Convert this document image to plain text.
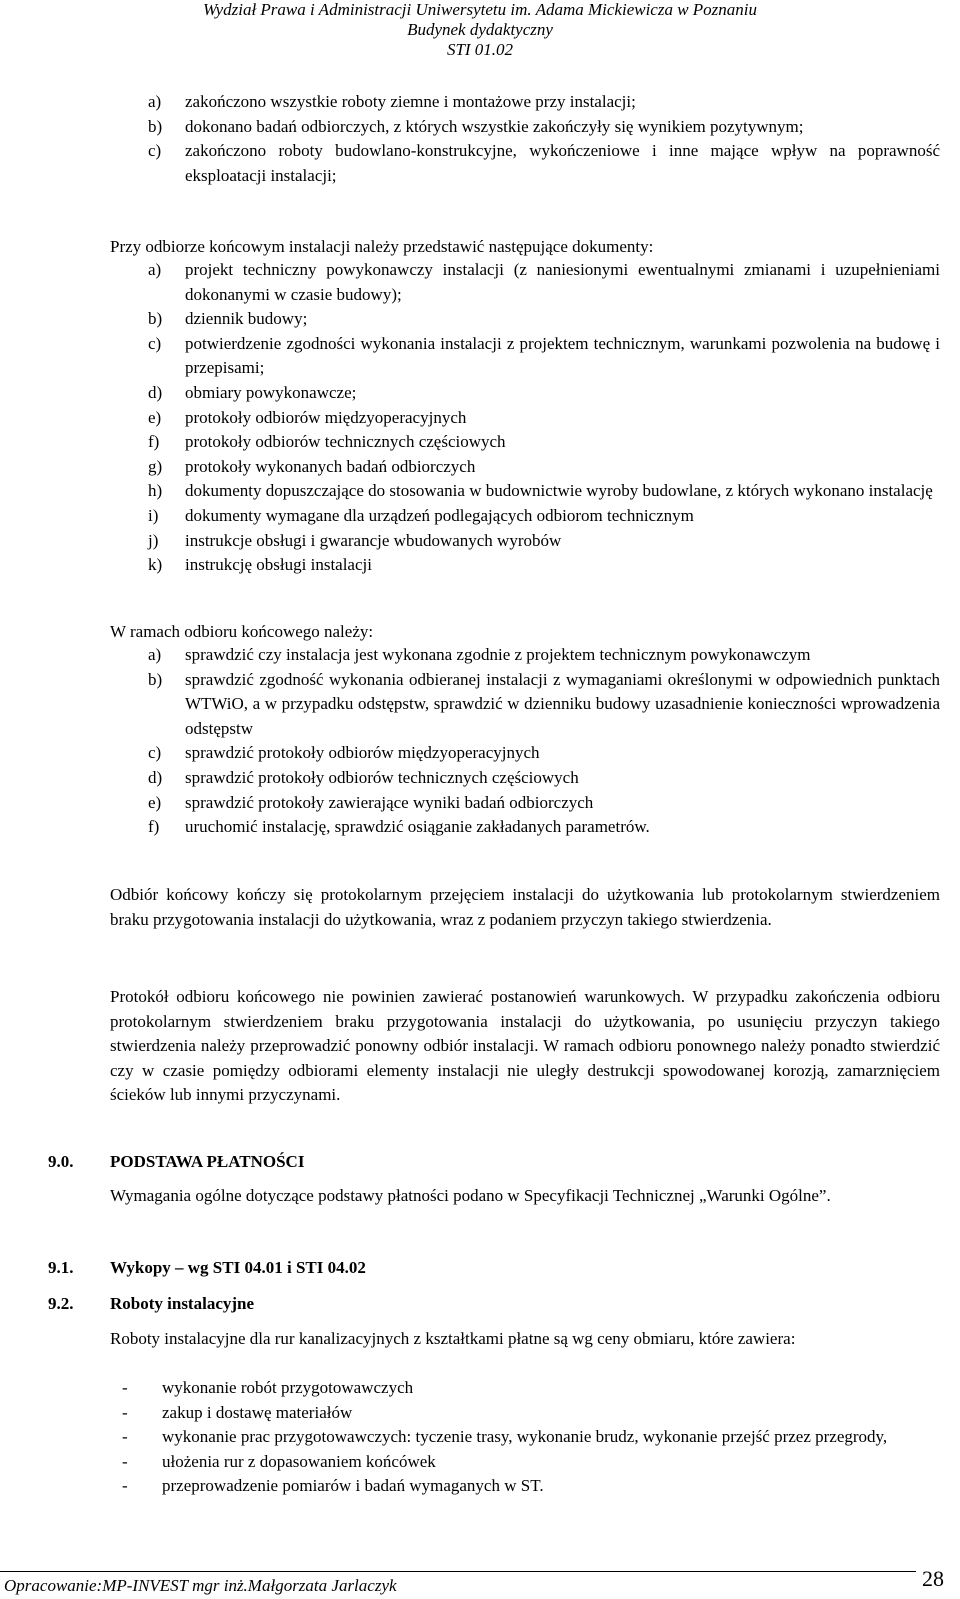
Wydział Prawa i Administracji Uniwersytetu im. Adama Mickiewicza w Poznaniu
Budynek dydaktyczny
STI 01.02
a) zakończono wszystkie roboty ziemne i montażowe przy instalacji;
b) dokonano badań odbiorczych, z których wszystkie zakończyły się wynikiem pozytywnym;
c) zakończono roboty budowlano-konstrukcyjne, wykończeniowe i inne mające wpływ na poprawność eksploatacji instalacji;
Przy odbiorze końcowym instalacji należy przedstawić następujące dokumenty:
a) projekt techniczny powykonawczy instalacji (z naniesionymi ewentualnymi zmianami i uzupełnieniami dokonanymi w czasie budowy);
b) dziennik budowy;
c) potwierdzenie zgodności wykonania instalacji z projektem technicznym, warunkami pozwolenia na budowę i przepisami;
d) obmiary powykonawcze;
e) protokoły odbiorów międzyoperacyjnych
f) protokoły odbiorów technicznych częściowych
g) protokoły wykonanych badań odbiorczych
h) dokumenty dopuszczające do stosowania w budownictwie wyroby budowlane, z których wykonano instalację
i) dokumenty wymagane dla urządzeń podlegających odbiorom technicznym
j) instrukcje obsługi i gwarancje wbudowanych wyrobów
k) instrukcję obsługi instalacji
W ramach odbioru końcowego należy:
a) sprawdzić czy instalacja jest wykonana zgodnie z projektem technicznym powykonawczym
b) sprawdzić zgodność wykonania odbieranej instalacji z wymaganiami określonymi w odpowiednich punktach WTWiO, a w przypadku odstępstw, sprawdzić w dzienniku budowy uzasadnienie konieczności wprowadzenia odstępstw
c) sprawdzić protokoły odbiorów międzyoperacyjnych
d) sprawdzić protokoły odbiorów technicznych częściowych
e) sprawdzić protokoły zawierające wyniki badań odbiorczych
f) uruchomić instalację, sprawdzić osiąganie zakładanych parametrów.
Odbiór końcowy kończy się protokolarnym przejęciem instalacji do użytkowania lub protokolarnym stwierdzeniem braku przygotowania instalacji do użytkowania, wraz z podaniem przyczyn takiego stwierdzenia.
Protokół odbioru końcowego nie powinien zawierać postanowień warunkowych. W przypadku zakończenia odbioru protokolarnym stwierdzeniem braku przygotowania instalacji do użytkowania, po usunięciu przyczyn takiego stwierdzenia należy przeprowadzić ponowny odbiór instalacji. W ramach odbioru ponownego należy ponadto stwierdzić czy w czasie pomiędzy odbiorami elementy instalacji nie uległy destrukcji spowodowanej korozją, zamarznięciem ścieków lub innymi przyczynami.
9.0. PODSTAWA PŁATNOŚCI
Wymagania ogólne dotyczące podstawy płatności podano w Specyfikacji Technicznej „Warunki Ogólne”.
9.1. Wykopy – wg STI 04.01 i STI 04.02
9.2. Roboty instalacyjne
Roboty instalacyjne dla rur kanalizacyjnych z kształtkami płatne są wg ceny obmiaru, które zawiera:
- wykonanie robót przygotowawczych
- zakup i dostawę materiałów
- wykonanie prac przygotowawczych: tyczenie trasy, wykonanie brudz, wykonanie przejść przez przegrody,
- ułożenia rur z dopasowaniem końcówek
- przeprowadzenie pomiarów i badań wymaganych w ST.
Opracowanie:MP-INVEST mgr inż.Małgorzata Jarlaczyk	28
